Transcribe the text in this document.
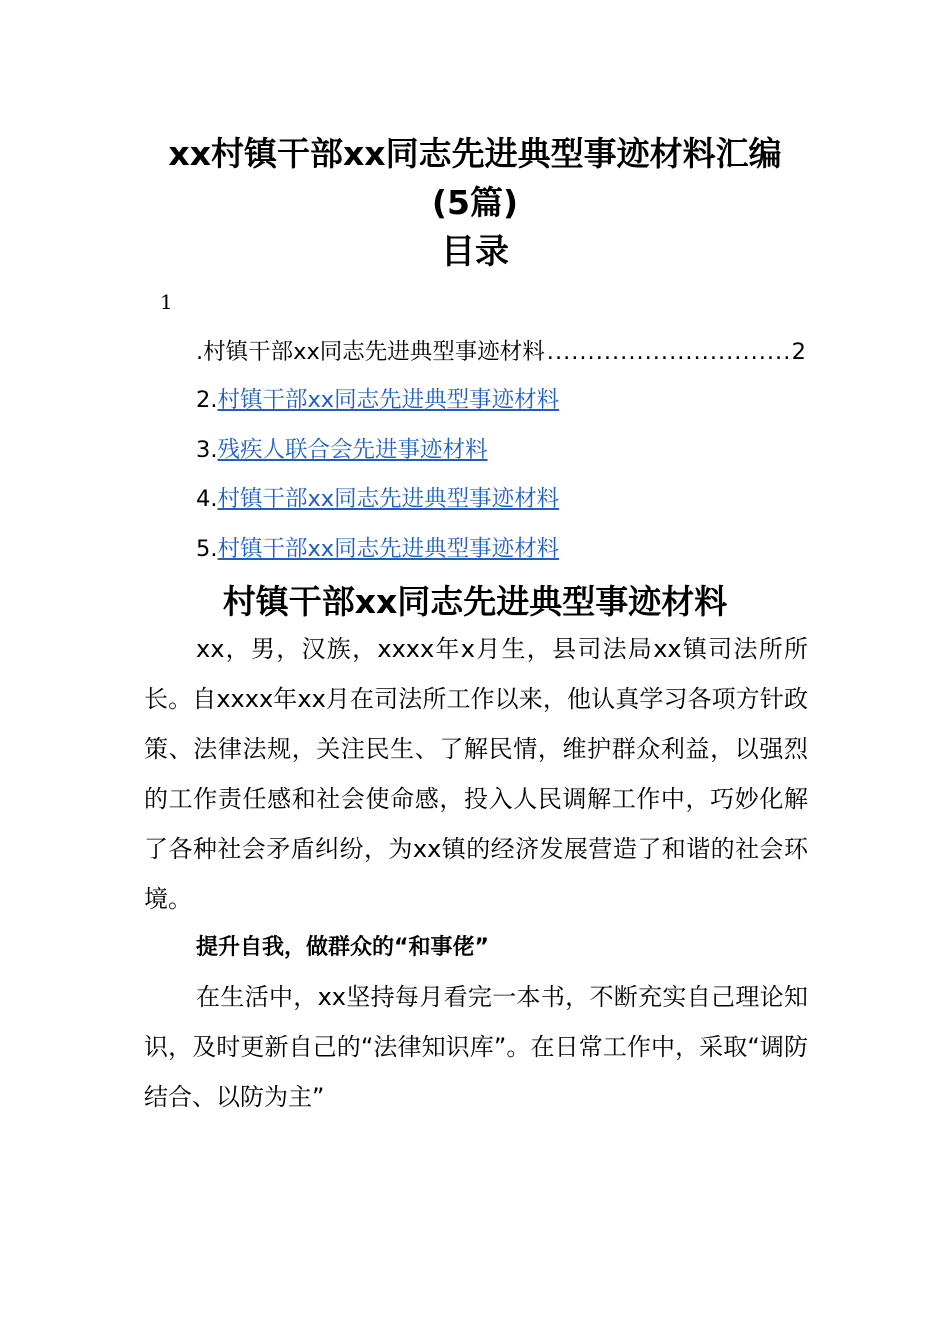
xx村镇干部xx同志先进典型事迹材料汇编
(5篇)
目录
1
.村镇干部xx同志先进典型事迹材料
.....	2
2.村镇干部xx同志先进典型事迹材料
3.残疾人联合会先进事迹材料
4.村镇干部xx同志先进典型事迹材料
5.村镇干部xx同志先进典型事迹材料
村镇干部xx同志先进典型事迹材料

xx，男，汉族，xxxx年x月生，县司法局xx镇司法所所长。自xxxx年xx月在司法所工作以来，他认真学习各项方针政策、法律法规，关注民生、了解民情，维护群众利益，以强烈的工作责任感和社会使命感，投入人民调解工作中，巧妙化解了各种社会矛盾纠纷，为xx镇的经济发展营造了和谐的社会环境。

提升自我，做群众的“和事佬”

在生活中，xx坚持每月看完一本书，不断充实自己理论知识，及时更新自己的“法律知识库”。在日常工作中，采取“调防结合、以防为主”
